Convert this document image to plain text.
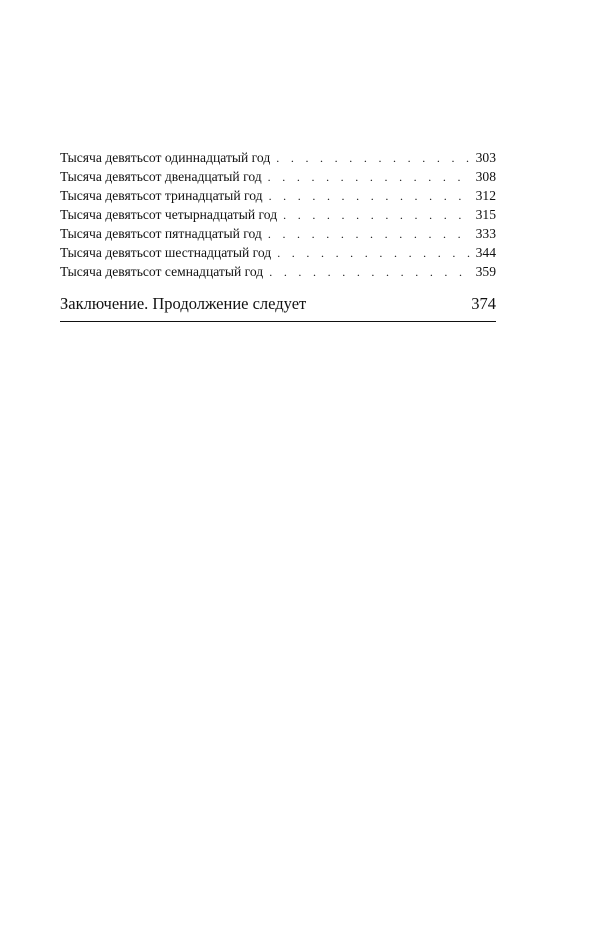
Тысяча девятьсот одиннадцатый год . . .	303
Тысяча девятьсот двенадцатый год . . .	308
Тысяча девятьсот тринадцатый год . . .	312
Тысяча девятьсот четырнадцатый год . . .	315
Тысяча девятьсот пятнадцатый год . . .	333
Тысяча девятьсот шестнадцатый год . . .	344
Тысяча девятьсот семнадцатый год . . .	359
Заключение. Продолжение следует	374
